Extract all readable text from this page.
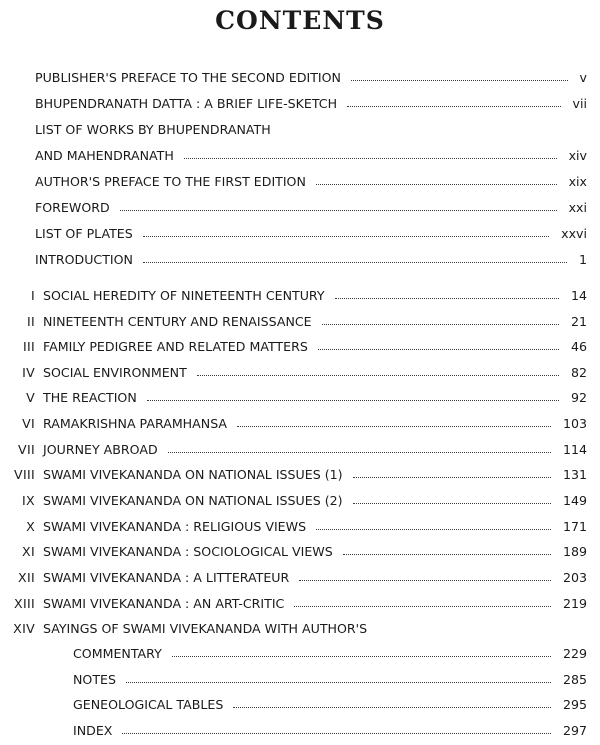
CONTENTS
PUBLISHER'S PREFACE TO THE SECOND EDITION	v
BHUPENDRANATH DATTA : A BRIEF LIFE-SKETCH	vii
LIST OF WORKS BY BHUPENDRANATH
AND MAHENDRANATH	xiv
AUTHOR'S PREFACE TO THE FIRST EDITION	xix
FOREWORD	xxi
LIST OF PLATES	xxvi
INTRODUCTION	1
I SOCIAL HEREDITY OF NINETEENTH CENTURY	14
II NINETEENTH CENTURY AND RENAISSANCE	21
III FAMILY PEDIGREE AND RELATED MATTERS	46
IV SOCIAL ENVIRONMENT	82
V THE REACTION	92
VI RAMAKRISHNA PARAMHANSA	103
VII JOURNEY ABROAD	114
VIII SWAMI VIVEKANANDA ON NATIONAL ISSUES (1)	131
IX SWAMI VIVEKANANDA ON NATIONAL ISSUES (2)	149
X SWAMI VIVEKANANDA : RELIGIOUS VIEWS	171
XI SWAMI VIVEKANANDA : SOCIOLOGICAL VIEWS	189
XII SWAMI VIVEKANANDA : A LITTERATEUR	203
XIII SWAMI VIVEKANANDA : AN ART-CRITIC	219
XIV SAYINGS OF SWAMI VIVEKANANDA WITH AUTHOR'S
COMMENTARY	229
NOTES	285
GENEOLOGICAL TABLES	295
INDEX	297
